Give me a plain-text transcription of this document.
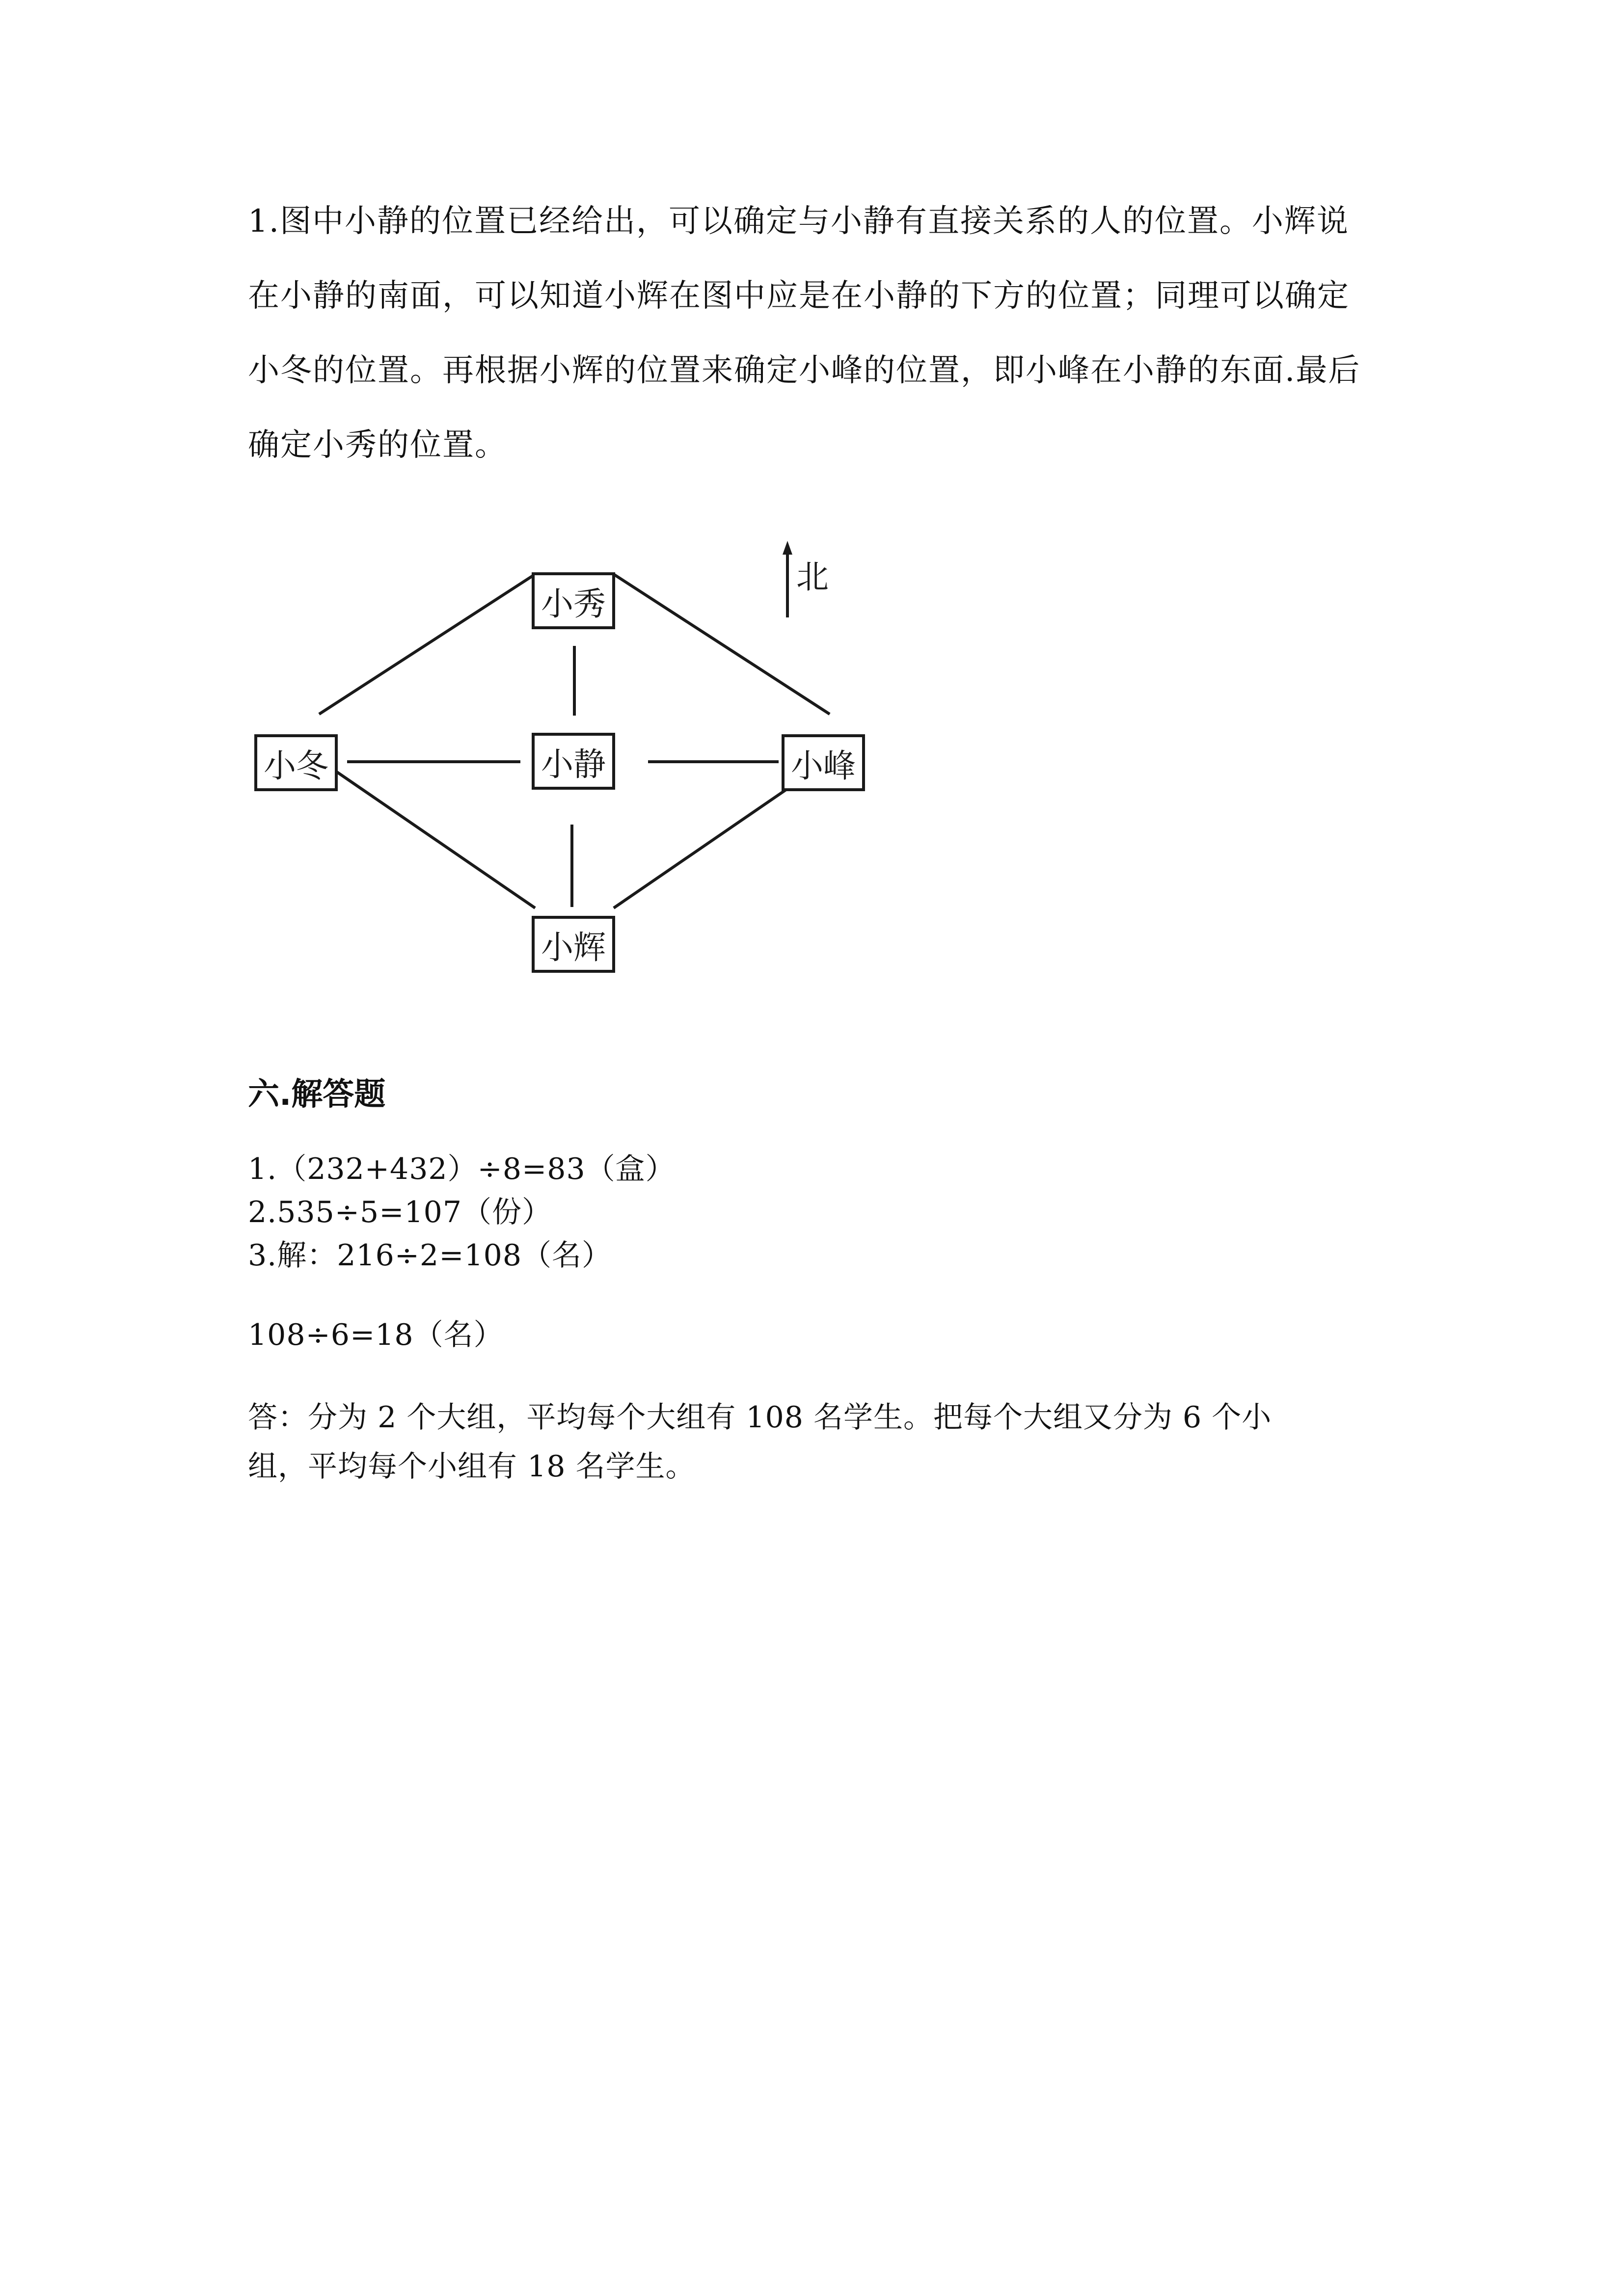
1.图中小静的位置已经给出，可以确定与小静有直接关系的人的位置。小辉说

在小静的南面，可以知道小辉在图中应是在小静的下方的位置；同理可以确定

小冬的位置。再根据小辉的位置来确定小峰的位置，即小峰在小静的东面.最后

确定小秀的位置。

北
小秀
小冬	小静	小峰
小辉
六.解答题

1.（232+432）÷8=83（盒）

2.535÷5=107（份）

3.解：216÷2=108（名）

108÷6=18（名）

答：分为 2 个大组，平均每个大组有 108 名学生。把每个大组又分为 6 个小

组，平均每个小组有 18 名学生。
